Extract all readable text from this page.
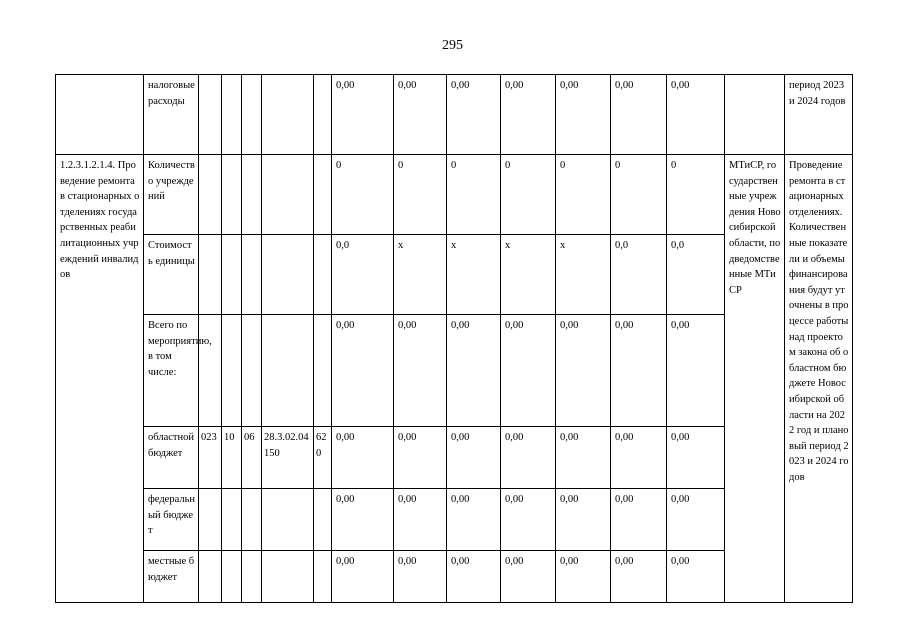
295
	налоговые расходы						0,00	0,00	0,00	0,00	0,00	0,00	0,00		период 2023 и 2024 годов
1.2.3.1.2.1.4. Проведение ремонта в стационарных отделениях государственных реабилитационных учреждений инвалидов	Количество учреждений						0	0	0	0	0	0	0	МТиСР, государственные учреждения Новосибирской области, подведомственные МТиСР	Проведение ремонта в стационарных отделениях. Количественные показатели и объемы финансирования будут уточнены в процессе работы над проектом закона об областном бюджете Новосибирской области на 2022 год и плановый период 2023 и 2024 годов
	Стоимость единицы						0,0	x	x	x	x	0,0	0,0		
	Всего по мероприятию, в том числе:						0,00	0,00	0,00	0,00	0,00	0,00	0,00		
	областной бюджет	023	10	06	28.3.02.04150	620	0,00	0,00	0,00	0,00	0,00	0,00	0,00		
	федеральный бюджет						0,00	0,00	0,00	0,00	0,00	0,00	0,00		
	местные бюджет						0,00	0,00	0,00	0,00	0,00	0,00	0,00		
